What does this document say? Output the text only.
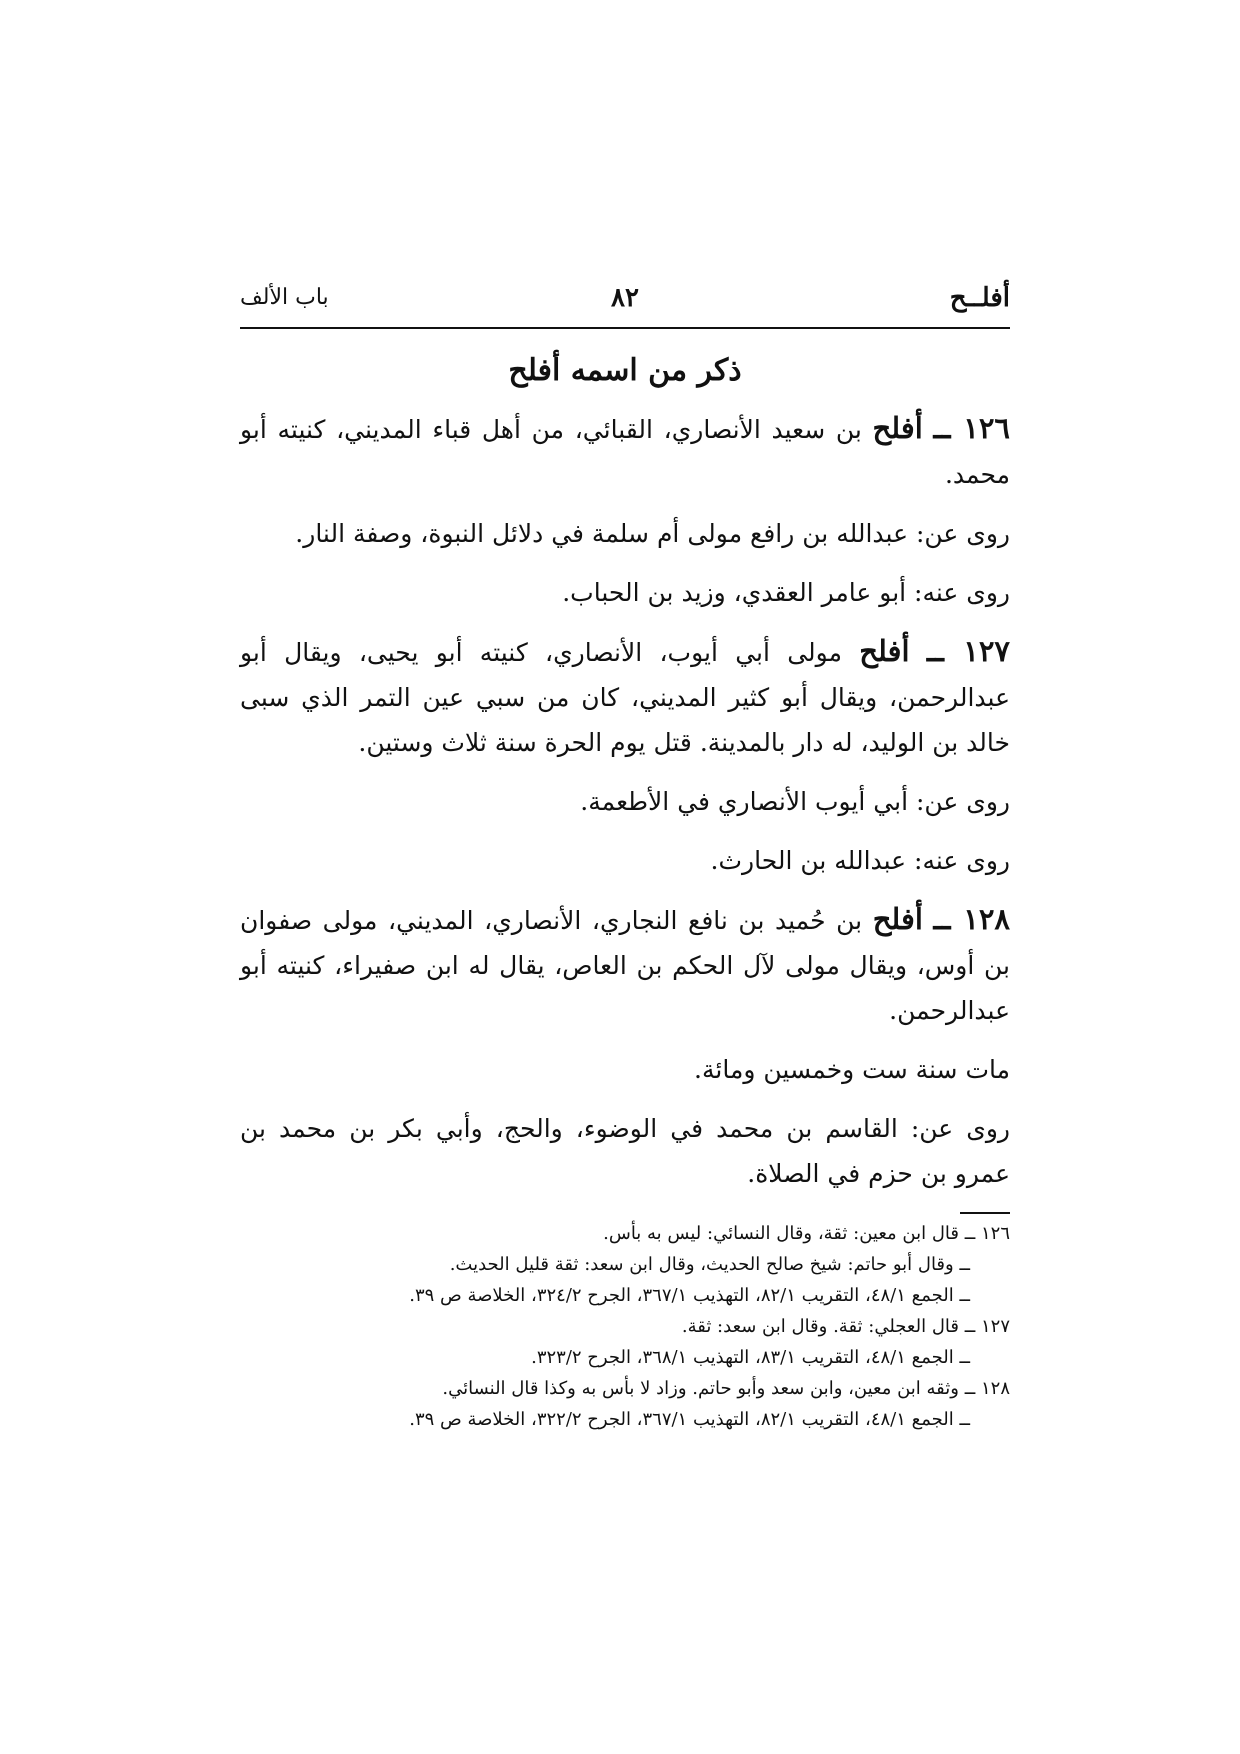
أفلــح
٨٢
باب الألف
ذكر من اسمه أفلح

١٢٦ ــ أفلح بن سعيد الأنصاري، القبائي، من أهل قباء المديني، كنيته أبو محمد.

روى عن: عبدالله بن رافع مولى أم سلمة في دلائل النبوة، وصفة النار.

روى عنه: أبو عامر العقدي، وزيد بن الحباب.

١٢٧ ــ أفلح مولى أبي أيوب، الأنصاري، كنيته أبو يحيى، ويقال أبو عبدالرحمن، ويقال أبو كثير المديني، كان من سبي عين التمر الذي سبى خالد بن الوليد، له دار بالمدينة. قتل يوم الحرة سنة ثلاث وستين.

روى عن: أبي أيوب الأنصاري في الأطعمة.

روى عنه: عبدالله بن الحارث.

١٢٨ ــ أفلح بن حُميد بن نافع النجاري، الأنصاري، المديني، مولى صفوان بن أوس، ويقال مولى لآل الحكم بن العاص، يقال له ابن صفيراء، كنيته أبو عبدالرحمن.

مات سنة ست وخمسين ومائة.

روى عن: القاسم بن محمد في الوضوء، والحج، وأبي بكر بن محمد بن عمرو بن حزم في الصلاة.

١٢٦ ــ قال ابن معين: ثقة، وقال النسائي: ليس به بأس.

ــ وقال أبو حاتم: شيخ صالح الحديث، وقال ابن سعد: ثقة قليل الحديث.

ــ الجمع ٤٨/١، التقريب ٨٢/١، التهذيب ٣٦٧/١، الجرح ٣٢٤/٢، الخلاصة ص ٣٩.

١٢٧ ــ قال العجلي: ثقة. وقال ابن سعد: ثقة.

ــ الجمع ٤٨/١، التقريب ٨٣/١، التهذيب ٣٦٨/١، الجرح ٣٢٣/٢.

١٢٨ ــ وثقه ابن معين، وابن سعد وأبو حاتم. وزاد لا بأس به وكذا قال النسائي.

ــ الجمع ٤٨/١، التقريب ٨٢/١، التهذيب ٣٦٧/١، الجرح ٣٢٢/٢، الخلاصة ص ٣٩.
